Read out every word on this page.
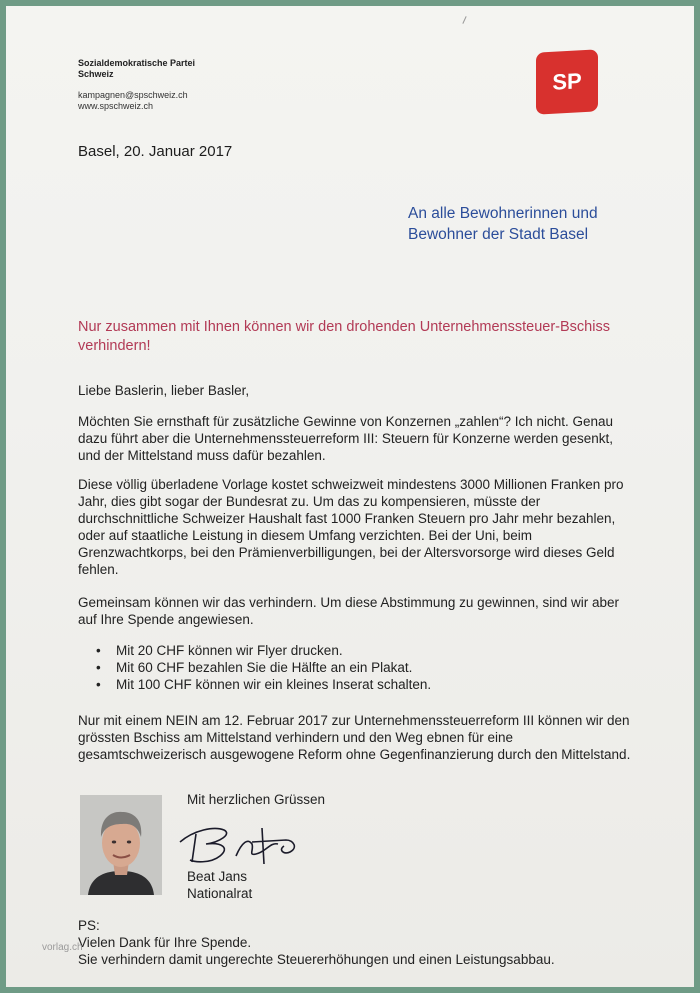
Sozialdemokratische Partei
Schweiz
kampagnen@spschweiz.ch
www.spschweiz.ch
SP
Basel, 20. Januar 2017
An alle Bewohnerinnen und
Bewohner der Stadt Basel
Nur zusammen mit Ihnen können wir den drohenden Unternehmenssteuer-Bschiss verhindern!
Liebe Baslerin, lieber Basler,
Möchten Sie ernsthaft für zusätzliche Gewinne von Konzernen „zahlen“? Ich nicht. Genau dazu führt aber die Unternehmenssteuerreform III: Steuern für Konzerne werden gesenkt, und der Mittelstand muss dafür bezahlen.
Diese völlig überladene Vorlage kostet schweizweit mindestens 3000 Millionen Franken pro Jahr, dies gibt sogar der Bundesrat zu. Um das zu kompensieren, müsste der durchschnittliche Schweizer Haushalt fast 1000 Franken Steuern pro Jahr mehr bezahlen, oder auf staatliche Leistung in diesem Umfang verzichten. Bei der Uni, beim Grenzwachtkorps, bei den Prämienverbilligungen, bei der Altersvorsorge wird dieses Geld fehlen.
Gemeinsam können wir das verhindern. Um diese Abstimmung zu gewinnen, sind wir aber auf Ihre Spende angewiesen.
• Mit 20 CHF können wir Flyer drucken.
• Mit 60 CHF bezahlen Sie die Hälfte an ein Plakat.
• Mit 100 CHF können wir ein kleines Inserat schalten.
Nur mit einem NEIN am 12. Februar 2017 zur Unternehmenssteuerreform III können wir den grössten Bschiss am Mittelstand verhindern und den Weg ebnen für eine gesamtschweizerisch ausgewogene Reform ohne Gegenfinanzierung durch den Mittelstand.
Mit herzlichen Grüssen
Beat Jans
Nationalrat
PS:
Vielen Dank für Ihre Spende.
Sie verhindern damit ungerechte Steuererhöhungen und einen Leistungsabbau.
vorlag.ch
